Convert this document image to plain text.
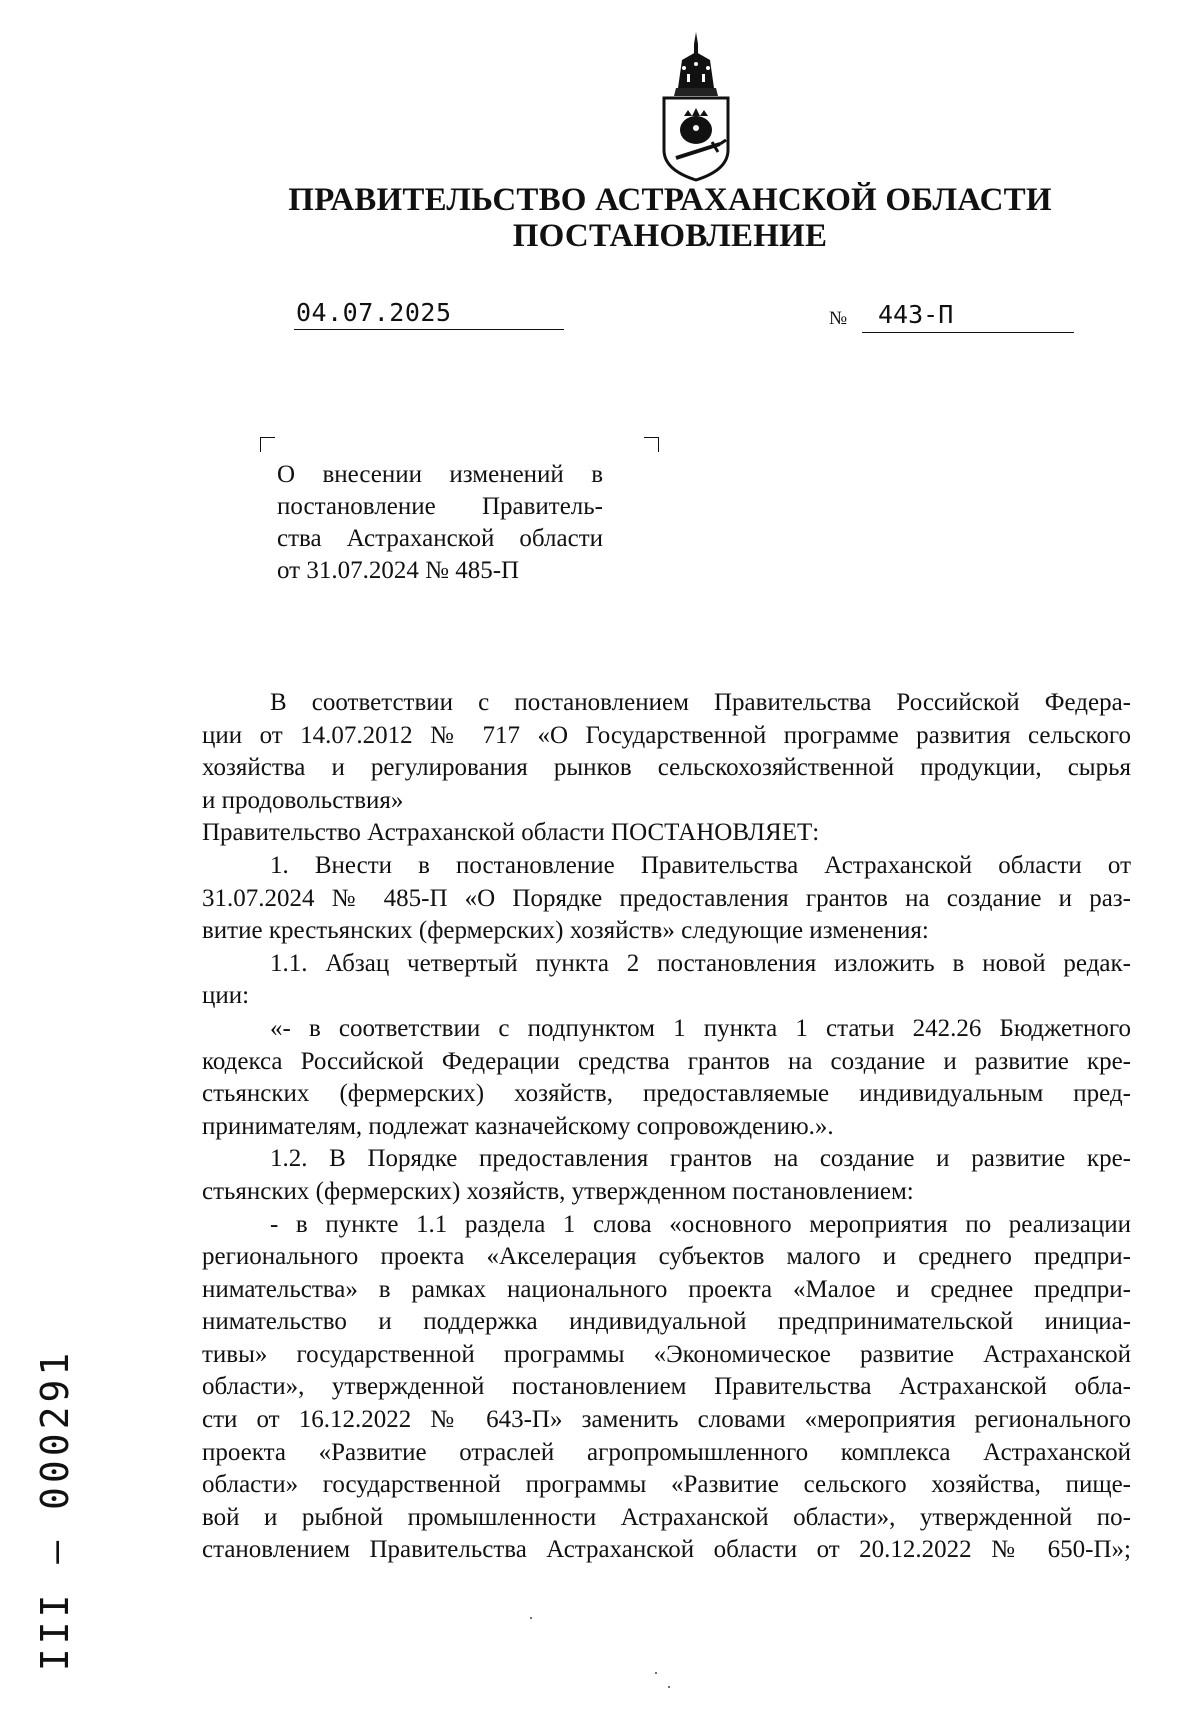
ПРАВИТЕЛЬСТВО АСТРАХАНСКОЙ ОБЛАСТИ
ПОСТАНОВЛЕНИЕ
04.07.2025	№ 443-П
О внесении изменений в
постановление Правитель-
ства Астраханской области
от 31.07.2024 № 485-П
В соответствии с постановлением Правительства Российской Федера-
ции от 14.07.2012 № 717 «О Государственной программе развития сельского
хозяйства и регулирования рынков сельскохозяйственной продукции, сырья
и продовольствия»
Правительство Астраханской области ПОСТАНОВЛЯЕТ:
1. Внести в постановление Правительства Астраханской области от
31.07.2024 № 485-П «О Порядке предоставления грантов на создание и раз-
витие крестьянских (фермерских) хозяйств» следующие изменения:
1.1. Абзац четвертый пункта 2 постановления изложить в новой редак-
ции:
«- в соответствии с подпунктом 1 пункта 1 статьи 242.26 Бюджетного
кодекса Российской Федерации средства грантов на создание и развитие кре-
стьянских (фермерских) хозяйств, предоставляемые индивидуальным пред-
принимателям, подлежат казначейскому сопровождению.».
1.2. В Порядке предоставления грантов на создание и развитие кре-
стьянских (фермерских) хозяйств, утвержденном постановлением:
- в пункте 1.1 раздела 1 слова «основного мероприятия по реализации
регионального проекта «Акселерация субъектов малого и среднего предпри-
нимательства» в рамках национального проекта «Малое и среднее предпри-
нимательство и поддержка индивидуальной предпринимательской инициа-
тивы» государственной программы «Экономическое развитие Астраханской
области», утвержденной постановлением Правительства Астраханской обла-
сти от 16.12.2022 № 643-П» заменить словами «мероприятия регионального
проекта «Развитие отраслей агропромышленного комплекса Астраханской
области» государственной программы «Развитие сельского хозяйства, пище-
вой и рыбной промышленности Астраханской области», утвержденной по-
становлением Правительства Астраханской области от 20.12.2022 № 650-П»;
III – 000291
